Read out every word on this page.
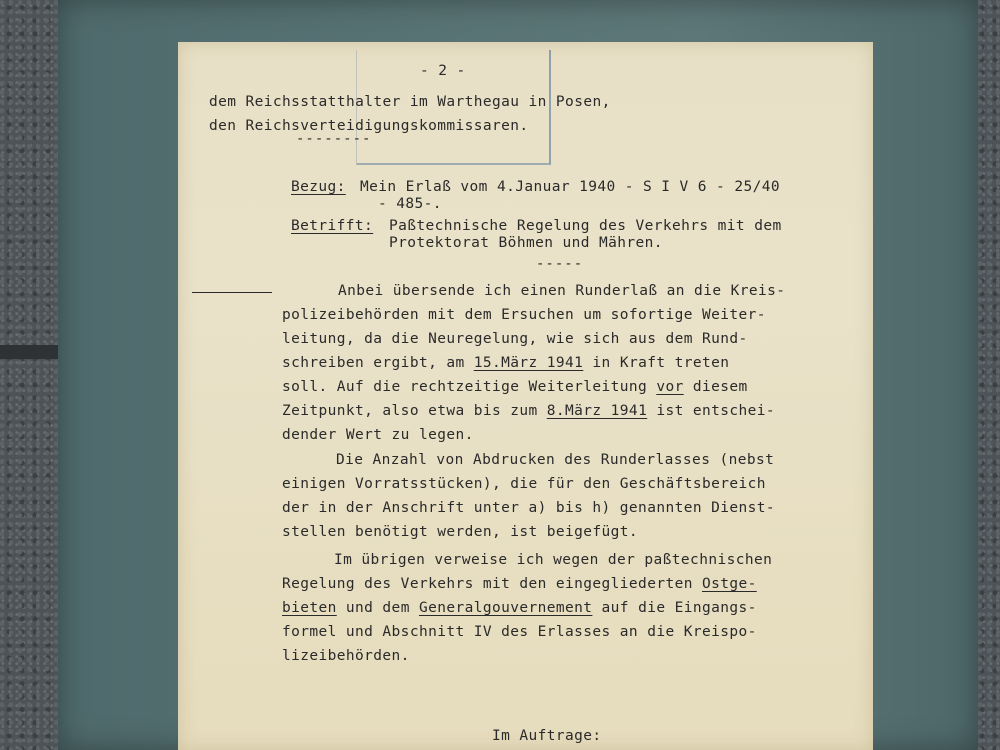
- 2 -
dem Reichsstatthalter im Warthegau in Posen,
den Reichsverteidigungskommissaren.
--------
Bezug: Mein Erlaß vom 4.Januar 1940 - S I V 6 - 25/40
- 485-.
Betrifft: Paßtechnische Regelung des Verkehrs mit dem
Protektorat Böhmen und Mähren.
-----
Anbei übersende ich einen Runderlaß an die Kreis-
polizeibehörden mit dem Ersuchen um sofortige Weiter-
leitung, da die Neuregelung, wie sich aus dem Rund-
schreiben ergibt, am 15.März 1941 in Kraft treten
soll. Auf die rechtzeitige Weiterleitung vor diesem
Zeitpunkt, also etwa bis zum 8.März 1941 ist entschei-
dender Wert zu legen.
Die Anzahl von Abdrucken des Runderlasses (nebst
einigen Vorratsstücken), die für den Geschäftsbereich
der in der Anschrift unter a) bis h) genannten Dienst-
stellen benötigt werden, ist beigefügt.
Im übrigen verweise ich wegen der paßtechnischen
Regelung des Verkehrs mit den eingegliederten Ostge-
bieten und dem Generalgouvernement auf die Eingangs-
formel und Abschnitt IV des Erlasses an die Kreispo-
lizeibehörden.
Im Auftrage:
